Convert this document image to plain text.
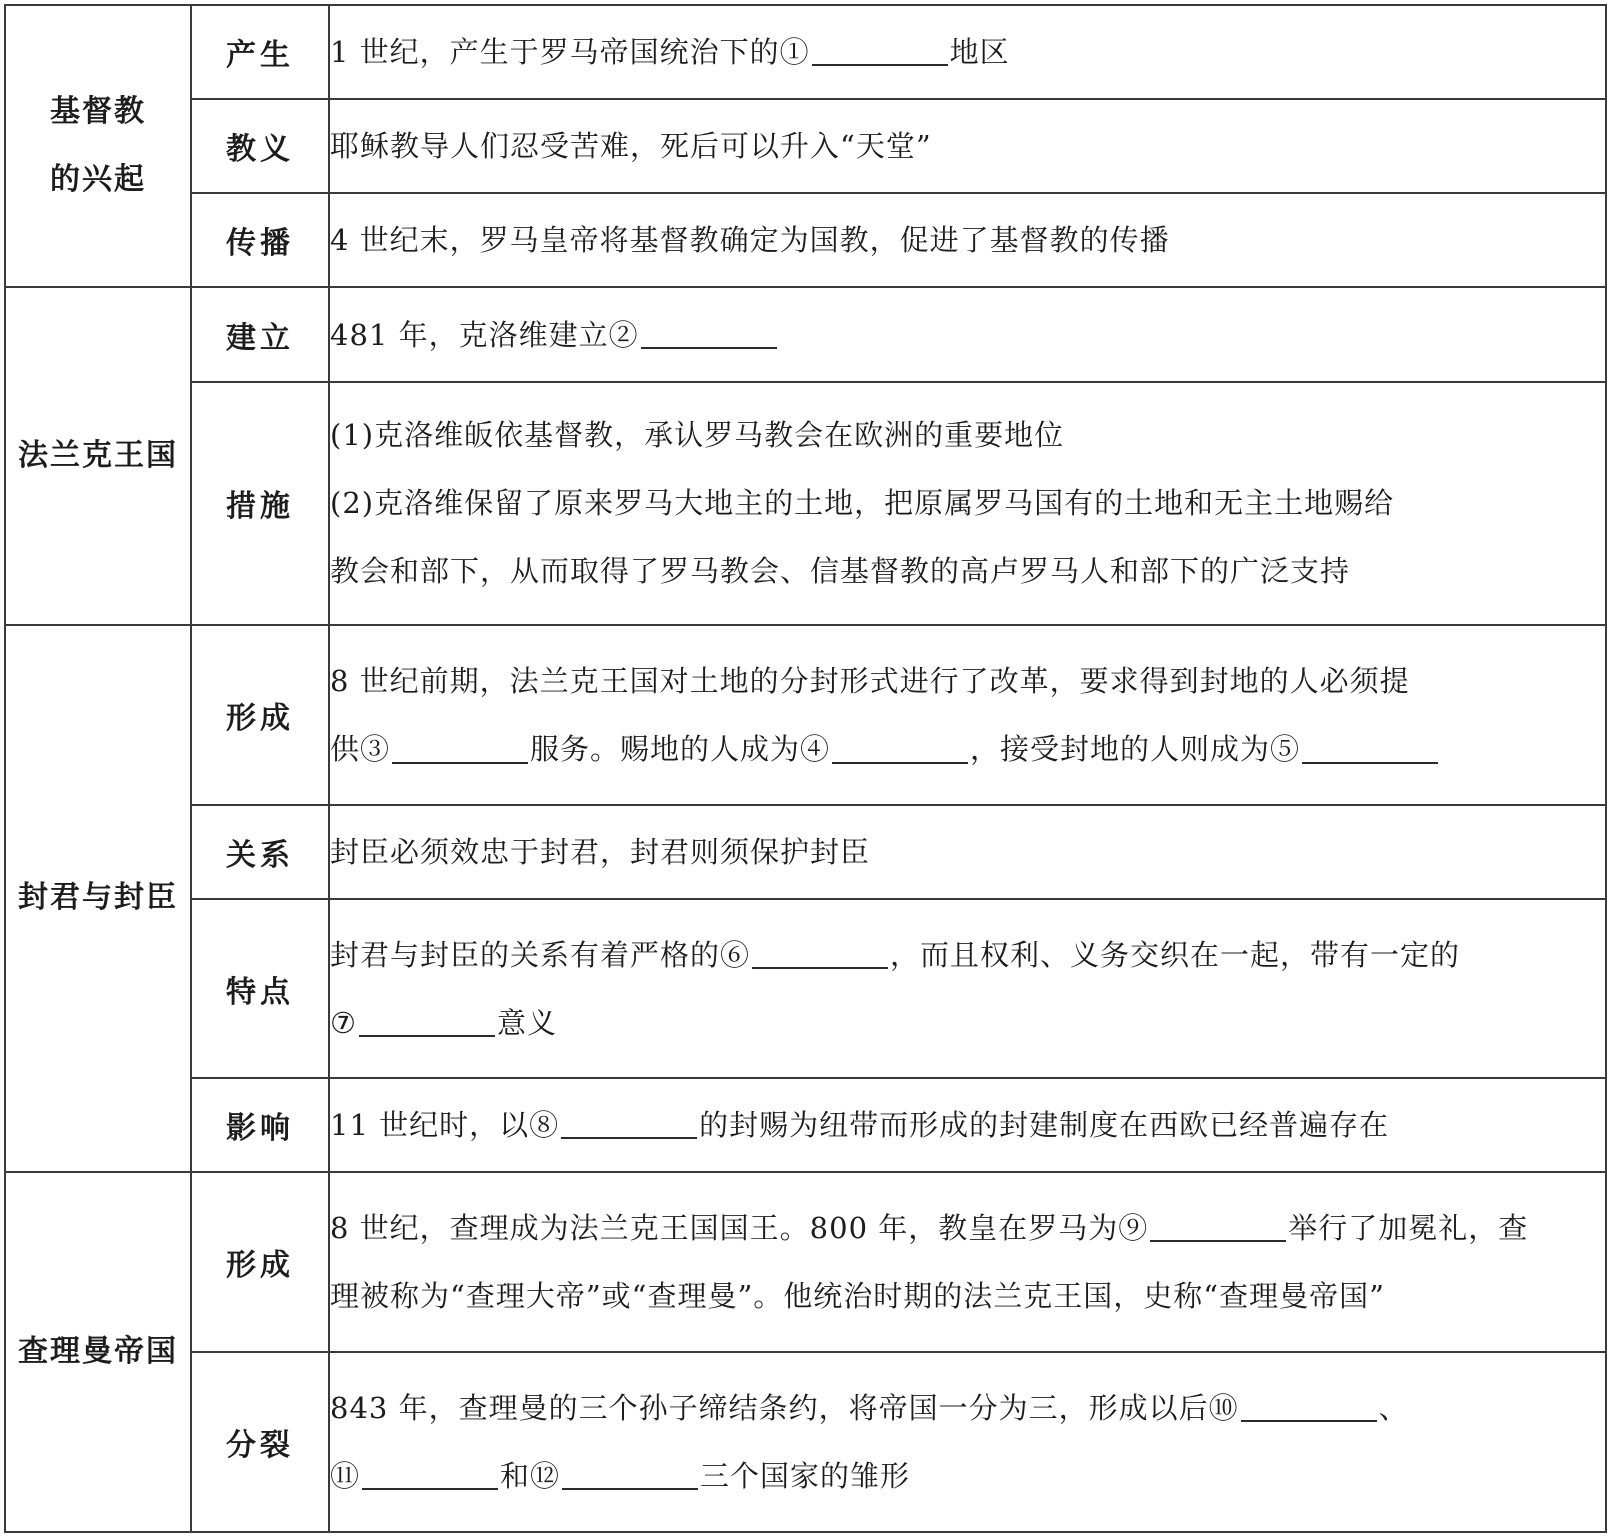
基督教
的兴起	产生	1 世纪，产生于罗马帝国统治下的① 地区

	教义	耶稣教导人们忍受苦难，死后可以升入“天堂”

	传播	4 世纪末，罗马皇帝将基督教确定为国教，促进了基督教的传播

法兰克王国	建立	481 年，克洛维建立②

	措施	(1)克洛维皈依基督教，承认罗马教会在欧洲的重要地位
(2)克洛维保留了原来罗马大地主的土地，把原属罗马国有的土地和无主土地赐给
教会和部下，从而取得了罗马教会、信基督教的高卢罗马人和部下的广泛支持

封君与封臣	形成	8 世纪前期，法兰克王国对土地的分封形式进行了改革，要求得到封地的人必须提
供③ 服务。赐地的人成为④ ，接受封地的人则成为⑤

	关系	封臣必须效忠于封君，封君则须保护封臣

	特点	封君与封臣的关系有着严格的⑥ ，而且权利、义务交织在一起，带有一定的
⑦ 意义

	影响	11 世纪时，以⑧ 的封赐为纽带而形成的封建制度在西欧已经普遍存在

查理曼帝国	形成	8 世纪，查理成为法兰克王国国王。800 年，教皇在罗马为⑨ 举行了加冕礼，查
理被称为“查理大帝”或“查理曼”。他统治时期的法兰克王国，史称“查理曼帝国”

	分裂	843 年，查理曼的三个孙子缔结条约，将帝国一分为三，形成以后⑩ 、
⑪ 和⑫ 三个国家的雏形
